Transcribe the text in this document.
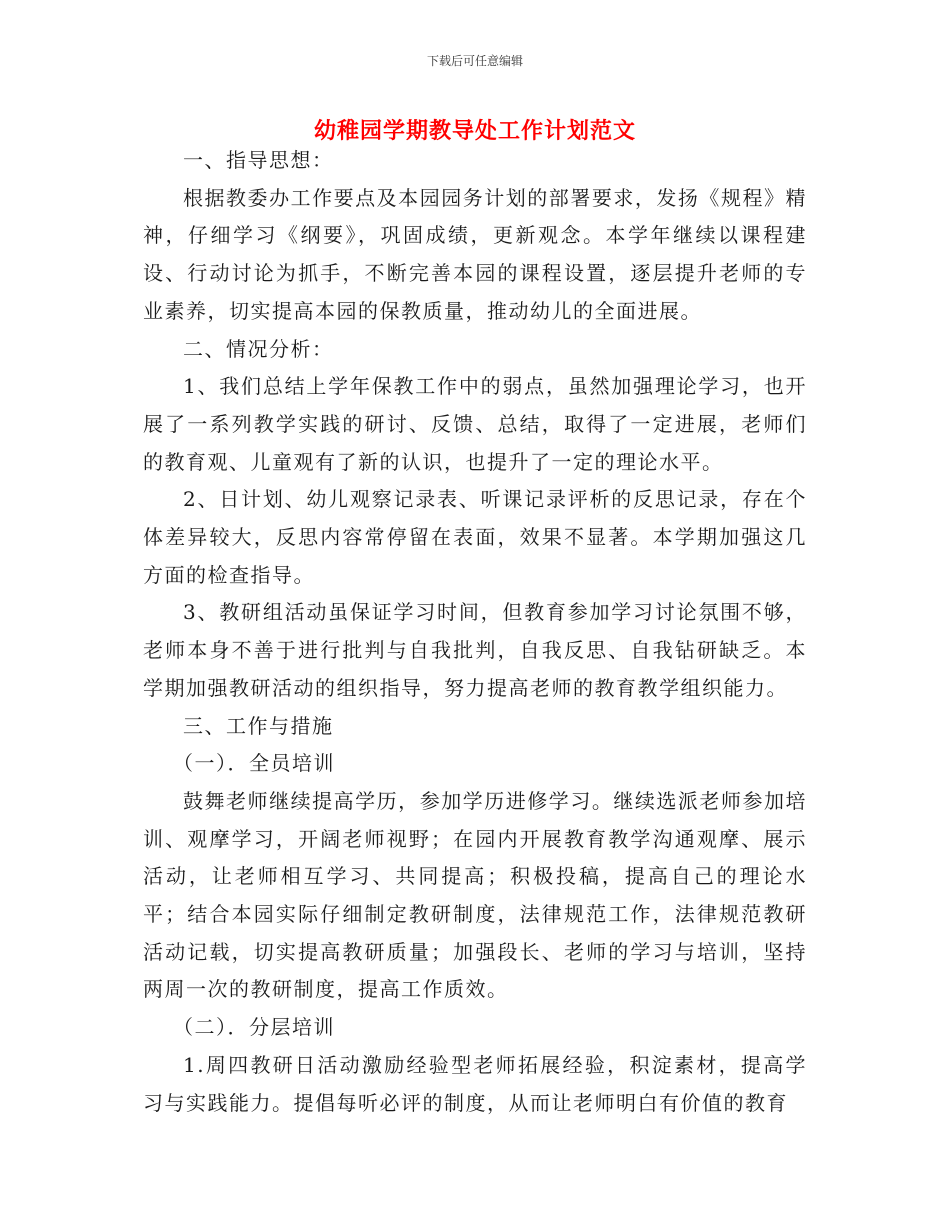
下载后可任意编辑
幼稚园学期教导处工作计划范文

一、指导思想：

根据教委办工作要点及本园园务计划的部署要求，发扬《规程》精神，仔细学习《纲要》，巩固成绩，更新观念。本学年继续以课程建设、行动讨论为抓手，不断完善本园的课程设置，逐层提升老师的专业素养，切实提高本园的保教质量，推动幼儿的全面进展。

二、情况分析：

1、我们总结上学年保教工作中的弱点，虽然加强理论学习，也开展了一系列教学实践的研讨、反馈、总结，取得了一定进展，老师们的教育观、儿童观有了新的认识，也提升了一定的理论水平。

2、日计划、幼儿观察记录表、听课记录评析的反思记录，存在个体差异较大，反思内容常停留在表面，效果不显著。本学期加强这几方面的检查指导。

3、教研组活动虽保证学习时间，但教育参加学习讨论氛围不够，老师本身不善于进行批判与自我批判，自我反思、自我钻研缺乏。本学期加强教研活动的组织指导，努力提高老师的教育教学组织能力。

三、工作与措施

（一）．全员培训

鼓舞老师继续提高学历，参加学历进修学习。继续选派老师参加培训、观摩学习，开阔老师视野；在园内开展教育教学沟通观摩、展示活动，让老师相互学习、共同提高；积极投稿，提高自己的理论水平；结合本园实际仔细制定教研制度，法律规范工作，法律规范教研活动记载，切实提高教研质量；加强段长、老师的学习与培训，坚持两周一次的教研制度，提高工作质效。

（二）．分层培训

1.周四教研日活动激励经验型老师拓展经验，积淀素材，提高学习与实践能力。提倡每听必评的制度，从而让老师明白有价值的教育
